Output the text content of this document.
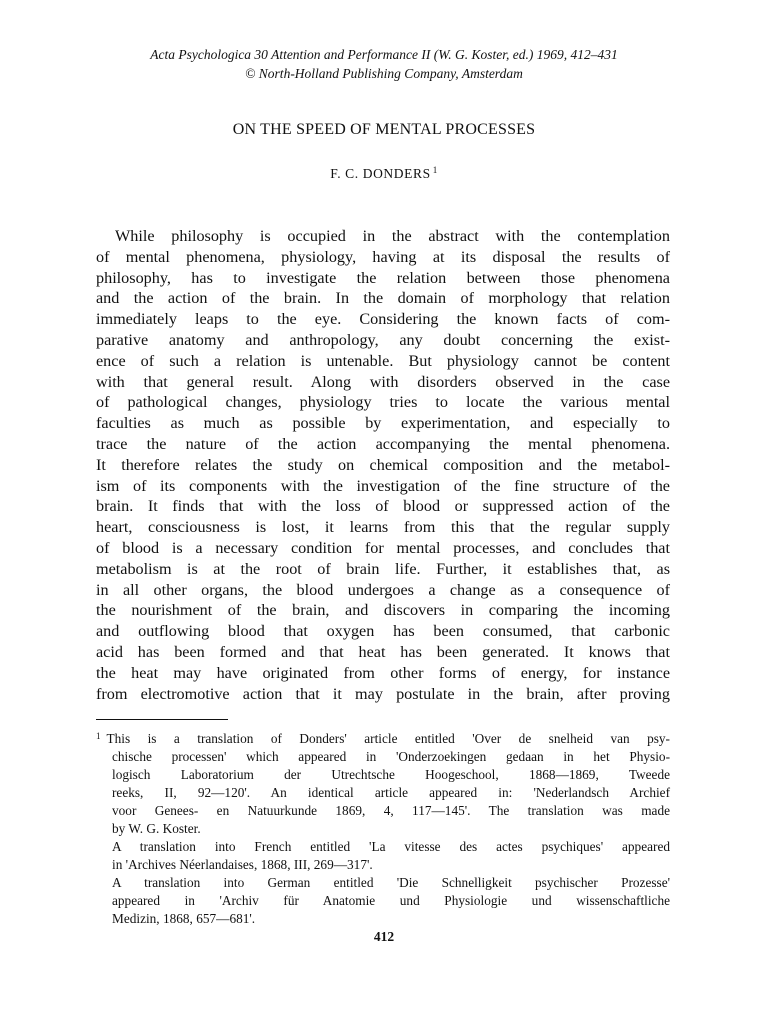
Acta Psychologica 30 Attention and Performance II (W. G. Koster, ed.) 1969, 412–431
© North-Holland Publishing Company, Amsterdam
ON THE SPEED OF MENTAL PROCESSES
F. C. DONDERS $^1$
While philosophy is occupied in the abstract with the contemplation
of mental phenomena, physiology, having at its disposal the results of
philosophy, has to investigate the relation between those phenomena
and the action of the brain. In the domain of morphology that relation
immediately leaps to the eye. Considering the known facts of com-
parative anatomy and anthropology, any doubt concerning the exist-
ence of such a relation is untenable. But physiology cannot be content
with that general result. Along with disorders observed in the case
of pathological changes, physiology tries to locate the various mental
faculties as much as possible by experimentation, and especially to
trace the nature of the action accompanying the mental phenomena.
It therefore relates the study on chemical composition and the metabol-
ism of its components with the investigation of the fine structure of the
brain. It finds that with the loss of blood or suppressed action of the
heart, consciousness is lost, it learns from this that the regular supply
of blood is a necessary condition for mental processes, and concludes that
metabolism is at the root of brain life. Further, it establishes that, as
in all other organs, the blood undergoes a change as a consequence of
the nourishment of the brain, and discovers in comparing the incoming
and outflowing blood that oxygen has been consumed, that carbonic
acid has been formed and that heat has been generated. It knows that
the heat may have originated from other forms of energy, for instance
from electromotive action that it may postulate in the brain, after proving
$^1$ This is a translation of Donders' article entitled 'Over de snelheid van psy-
chische processen' which appeared in 'Onderzoekingen gedaan in het Physio-
logisch Laboratorium der Utrechtsche Hoogeschool, 1868—1869, Tweede
reeks, II, 92—120'. An identical article appeared in: 'Nederlandsch Archief
voor Genees- en Natuurkunde 1869, 4, 117—145'. The translation was made
by W. G. Koster.
A translation into French entitled 'La vitesse des actes psychiques' appeared
in 'Archives Néerlandaises, 1868, III, 269—317'.
A translation into German entitled 'Die Schnelligkeit psychischer Prozesse'
appeared in 'Archiv für Anatomie und Physiologie und wissenschaftliche
Medizin, 1868, 657—681'.
412
